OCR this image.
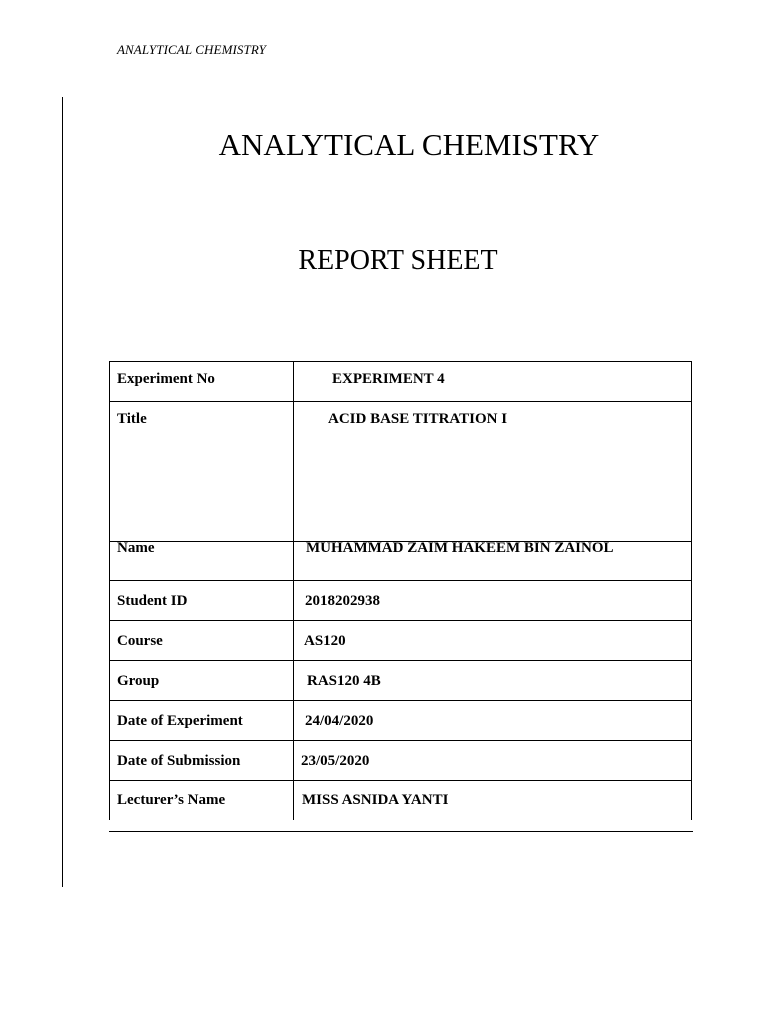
ANALYTICAL CHEMISTRY
ANALYTICAL CHEMISTRY
REPORT SHEET
Experiment No	EXPERIMENT 4

Title	ACID BASE TITRATION I

Name	MUHAMMAD ZAIM HAKEEM BIN ZAINOL

Student ID	2018202938

Course	AS120

Group	RAS120 4B

Date of Experiment	24/04/2020

Date of Submission	23/05/2020

Lecturer’s Name	MISS ASNIDA YANTI
